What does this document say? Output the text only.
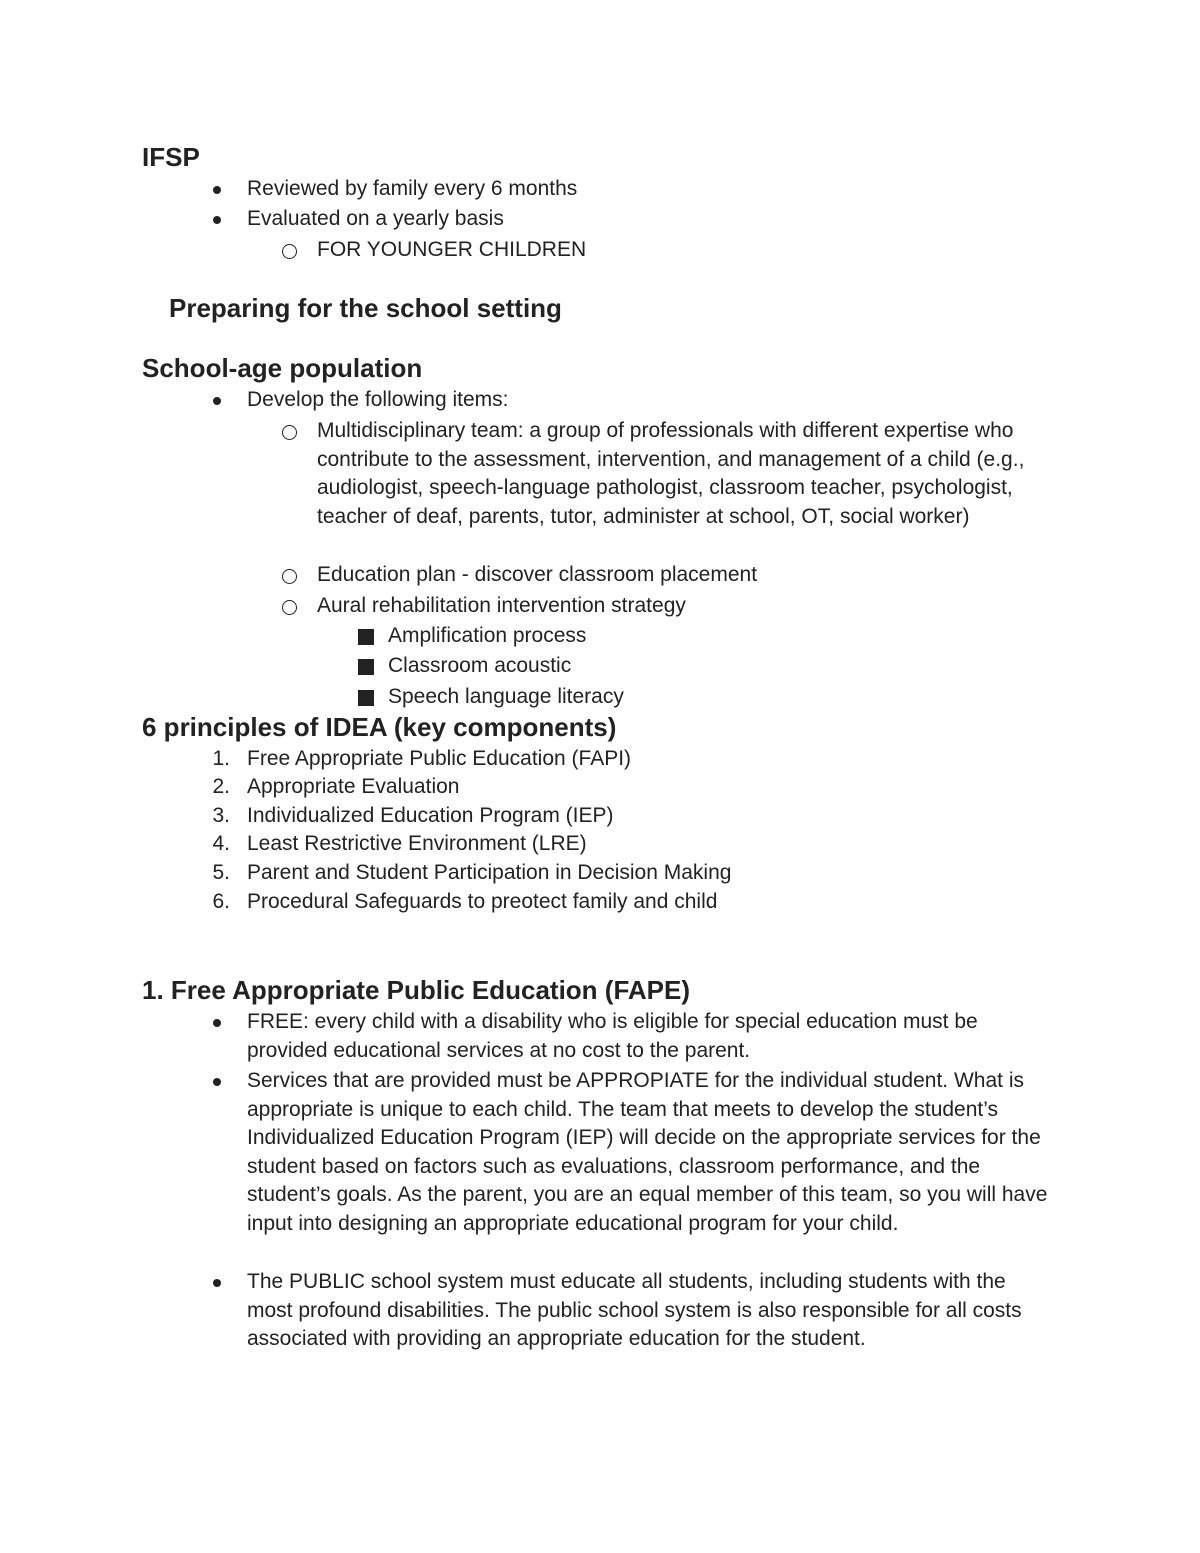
IFSP
Reviewed by family every 6 months
Evaluated on a yearly basis
FOR YOUNGER CHILDREN
Preparing for the school setting
School-age population
Develop the following items:
Multidisciplinary team: a group of professionals with different expertise who contribute to the assessment, intervention, and management of a child (e.g., audiologist, speech-language pathologist, classroom teacher, psychologist, teacher of deaf, parents, tutor, administer at school, OT, social worker)
Education plan - discover classroom placement
Aural rehabilitation intervention strategy
Amplification process
Classroom acoustic
Speech language literacy
6 principles of IDEA (key components)
1. Free Appropriate Public Education (FAPI)
2. Appropriate Evaluation
3. Individualized Education Program (IEP)
4. Least Restrictive Environment (LRE)
5. Parent and Student Participation in Decision Making
6. Procedural Safeguards to preotect family and child
1. Free Appropriate Public Education (FAPE)
FREE: every child with a disability who is eligible for special education must be provided educational services at no cost to the parent.
Services that are provided must be APPROPIATE for the individual student. What is appropriate is unique to each child. The team that meets to develop the student’s Individualized Education Program (IEP) will decide on the appropriate services for the student based on factors such as evaluations, classroom performance, and the student’s goals. As the parent, you are an equal member of this team, so you will have input into designing an appropriate educational program for your child.
The PUBLIC school system must educate all students, including students with the most profound disabilities. The public school system is also responsible for all costs associated with providing an appropriate education for the student.
